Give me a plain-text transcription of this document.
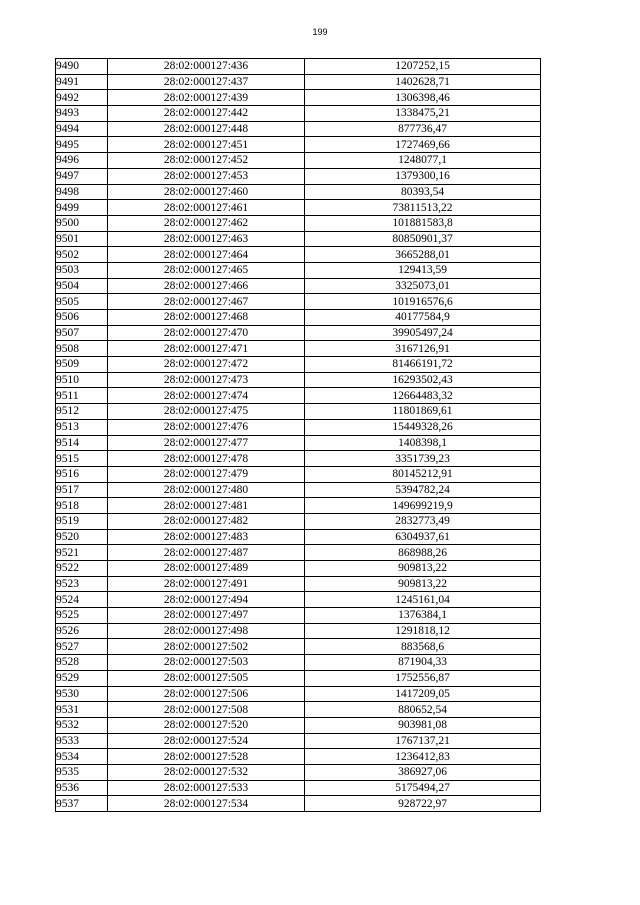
199
9490	28:02:000127:436	1207252,15
9491	28:02:000127:437	1402628,71
9492	28:02:000127:439	1306398,46
9493	28:02:000127:442	1338475,21
9494	28:02:000127:448	877736,47
9495	28:02:000127:451	1727469,66
9496	28:02:000127:452	1248077,1
9497	28:02:000127:453	1379300,16
9498	28:02:000127:460	80393,54
9499	28:02:000127:461	73811513,22
9500	28:02:000127:462	101881583,8
9501	28:02:000127:463	80850901,37
9502	28:02:000127:464	3665288,01
9503	28:02:000127:465	129413,59
9504	28:02:000127:466	3325073,01
9505	28:02:000127:467	101916576,6
9506	28:02:000127:468	40177584,9
9507	28:02:000127:470	39905497,24
9508	28:02:000127:471	3167126,91
9509	28:02:000127:472	81466191,72
9510	28:02:000127:473	16293502,43
9511	28:02:000127:474	12664483,32
9512	28:02:000127:475	11801869,61
9513	28:02:000127:476	15449328,26
9514	28:02:000127:477	1408398,1
9515	28:02:000127:478	3351739,23
9516	28:02:000127:479	80145212,91
9517	28:02:000127:480	5394782,24
9518	28:02:000127:481	149699219,9
9519	28:02:000127:482	2832773,49
9520	28:02:000127:483	6304937,61
9521	28:02:000127:487	868988,26
9522	28:02:000127:489	909813,22
9523	28:02:000127:491	909813,22
9524	28:02:000127:494	1245161,04
9525	28:02:000127:497	1376384,1
9526	28:02:000127:498	1291818,12
9527	28:02:000127:502	883568,6
9528	28:02:000127:503	871904,33
9529	28:02:000127:505	1752556,87
9530	28:02:000127:506	1417209,05
9531	28:02:000127:508	880652,54
9532	28:02:000127:520	903981,08
9533	28:02:000127:524	1767137,21
9534	28:02:000127:528	1236412,83
9535	28:02:000127:532	386927,06
9536	28:02:000127:533	5175494,27
9537	28:02:000127:534	928722,97
